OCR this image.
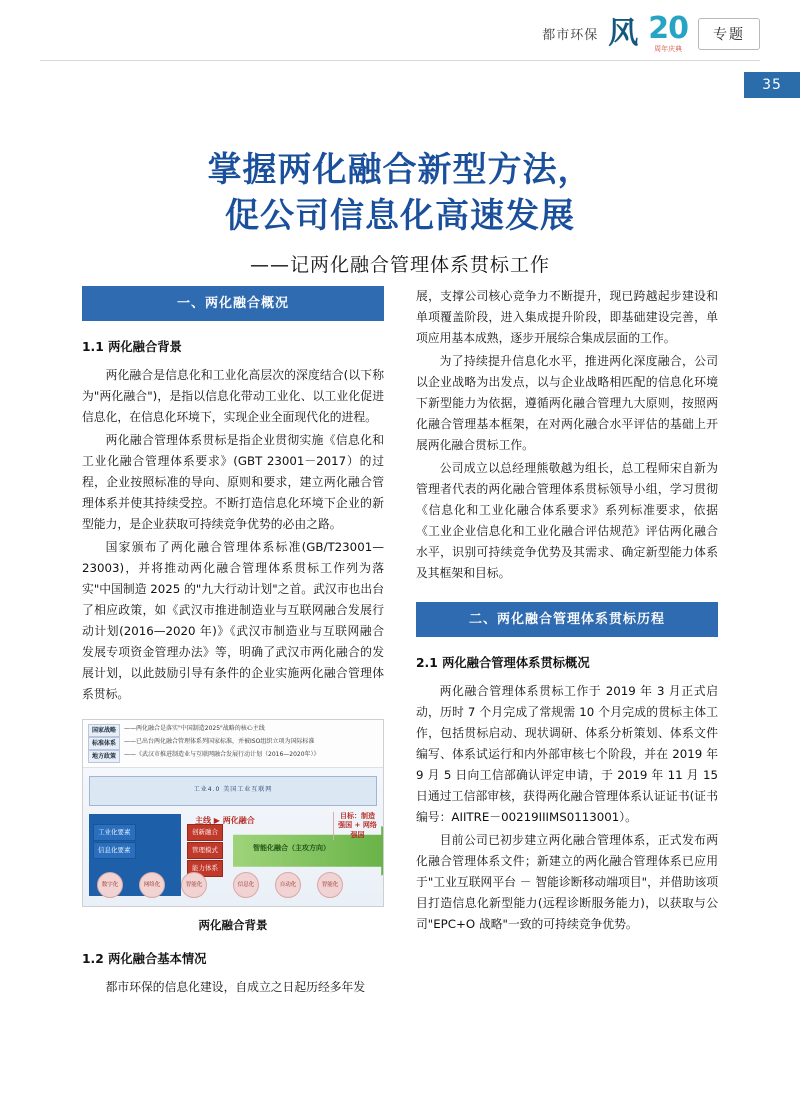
都市环保 风 20
周年庆典
专题
35
掌握两化融合新型方法，
促公司信息化高速发展
——记两化融合管理体系贯标工作
一、两化融合概况
1.1 两化融合背景

两化融合是信息化和工业化高层次的深度结合(以下称为"两化融合")，是指以信息化带动工业化、以工业化促进信息化，在信息化环境下，实现企业全面现代化的进程。

两化融合管理体系贯标是指企业贯彻实施《信息化和工业化融合管理体系要求》(GBT 23001－2017）的过程，企业按照标准的导向、原则和要求，建立两化融合管理体系并使其持续受控。不断打造信息化环境下企业的新型能力，是企业获取可持续竞争优势的必由之路。

国家颁布了两化融合管理体系标准(GB/T23001—23003)，并将推动两化融合管理体系贯标工作列为落实"中国制造 2025 的"九大行动计划"之首。武汉市也出台了相应政策，如《武汉市推进制造业与互联网融合发展行动计划(2016—2020 年)》《武汉市制造业与互联网融合发展专项资金管理办法》等，明确了武汉市两化融合的发展计划，以此鼓励引导有条件的企业实施两化融合管理体系贯标。

国家战略	——两化融合是落实"中国制造2025"战略的核心主线
标准体系	——已出台两化融合管理体系列国家标准，并被ISO组织立项为国际标准
地方政策	——《武汉市推进制造业与互联网融合发展行动计划（2016—2020年）》
工业4.0 美国工业互联网
工业化要素
信息化要素
创新融合
管理模式
能力体系
主线 ▶ 两化融合
智能化融合（主攻方向）
目标：制造强国 + 网络强国
数字化	网络化	智能化	信息化	自动化	智能化
两化融合背景
1.2 两化融合基本情况

都市环保的信息化建设，自成立之日起历经多年发

展，支撑公司核心竞争力不断提升，现已跨越起步建设和单项覆盖阶段，进入集成提升阶段，即基础建设完善，单项应用基本成熟，逐步开展综合集成层面的工作。

为了持续提升信息化水平，推进两化深度融合，公司以企业战略为出发点，以与企业战略相匹配的信息化环境下新型能力为依据，遵循两化融合管理九大原则，按照两化融合管理基本框架，在对两化融合水平评估的基础上开展两化融合贯标工作。

公司成立以总经理熊敬越为组长，总工程师宋自新为管理者代表的两化融合管理体系贯标领导小组，学习贯彻《信息化和工业化融合体系要求》系列标准要求，依据《工业企业信息化和工业化融合评估规范》评估两化融合水平，识别可持续竞争优势及其需求、确定新型能力体系及其框架和目标。

二、两化融合管理体系贯标历程
2.1 两化融合管理体系贯标概况

两化融合管理体系贯标工作于 2019 年 3 月正式启动，历时 7 个月完成了常规需 10 个月完成的贯标主体工作，包括贯标启动、现状调研、体系分析策划、体系文件编写、体系试运行和内外部审核七个阶段，并在 2019 年 9 月 5 日向工信部确认评定申请，于 2019 年 11 月 15 日通过工信部审核，获得两化融合管理体系认证证书(证书编号：AIITRE－00219IIIMS0113001）。

目前公司已初步建立两化融合管理体系，正式发布两化融合管理体系文件；新建立的两化融合管理体系已应用于"工业互联网平台 － 智能诊断移动端项目"，并借助该项目打造信息化新型能力(远程诊断服务能力)，以获取与公司"EPC+O 战略"一致的可持续竞争优势。
